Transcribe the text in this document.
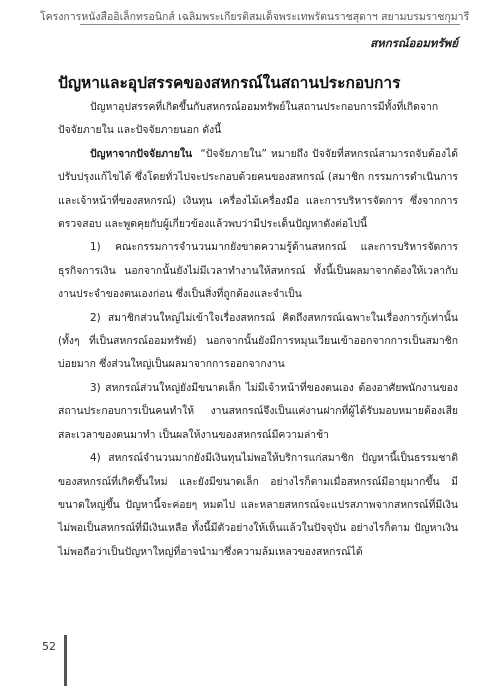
โครงการหนังสืออิเล็กทรอนิกส์ เฉลิมพระเกียรติสมเด็จพระเทพรัตนราชสุดาฯ สยามบรมราชกุมารี
สหกรณ์ออมทรัพย์
ปัญหาและอุปสรรคของสหกรณ์ในสถานประกอบการ

ปัญหาอุปสรรคที่เกิดขึ้นกับสหกรณ์ออมทรัพย์ในสถานประกอบการมีทั้งที่เกิดจากปัจจัยภายใน และปัจจัยภายนอก ดังนี้

ปัญหาจากปัจจัยภายใน “ปัจจัยภายใน” หมายถึง ปัจจัยที่สหกรณ์สามารถจับต้องได้ ปรับปรุงแก้ไขได้ ซึ่งโดยทั่วไปจะประกอบด้วยคนของสหกรณ์ (สมาชิก กรรมการดำเนินการ และเจ้าหน้าที่ของสหกรณ์) เงินทุน เครื่องไม้เครื่องมือ และการบริหารจัดการ ซึ่งจากการตรวจสอบ และพูดคุยกับผู้เกี่ยวข้องแล้วพบว่ามีประเด็นปัญหาดังต่อไปนี้

1) คณะกรรมการจำนวนมากยังขาดความรู้ด้านสหกรณ์ และการบริหารจัดการธุรกิจการเงิน นอกจากนั้นยังไม่มีเวลาทำงานให้สหกรณ์ ทั้งนี้เป็นผลมาจากต้องให้เวลากับงานประจำของตนเองก่อน ซึ่งเป็นสิ่งที่ถูกต้องและจำเป็น

2) สมาชิกส่วนใหญ่ไม่เข้าใจเรื่องสหกรณ์ คิดถึงสหกรณ์เฉพาะในเรื่องการกู้เท่านั้น (ทั้งๆ ที่เป็นสหกรณ์ออมทรัพย์) นอกจากนั้นยังมีการหมุนเวียนเข้าออกจากการเป็นสมาชิกบ่อยมาก ซึ่งส่วนใหญ่เป็นผลมาจากการออกจากงาน

3) สหกรณ์ส่วนใหญ่ยังมีขนาดเล็ก ไม่มีเจ้าหน้าที่ของตนเอง ต้องอาศัยพนักงานของสถานประกอบการเป็นคนทำให้ งานสหกรณ์จึงเป็นแค่งานฝากที่ผู้ได้รับมอบหมายต้องเสียสละเวลาของตนมาทำ เป็นผลให้งานของสหกรณ์มีความล่าช้า

4) สหกรณ์จำนวนมากยังมีเงินทุนไม่พอให้บริการแก่สมาชิก ปัญหานี้เป็นธรรมชาติของสหกรณ์ที่เกิดขึ้นใหม่ และยังมีขนาดเล็ก อย่างไรก็ตามเมื่อสหกรณ์มีอายุมากขึ้น มีขนาดใหญ่ขึ้น ปัญหานี้จะค่อยๆ หมดไป และหลายสหกรณ์จะแปรสภาพจากสหกรณ์ที่มีเงินไม่พอเป็นสหกรณ์ที่มีเงินเหลือ ทั้งนี้มีตัวอย่างให้เห็นแล้วในปัจจุบัน อย่างไรก็ตาม ปัญหาเงินไม่พอถือว่าเป็นปัญหาใหญ่ที่อาจนำมาซึ่งความล้มเหลวของสหกรณ์ได้

52
